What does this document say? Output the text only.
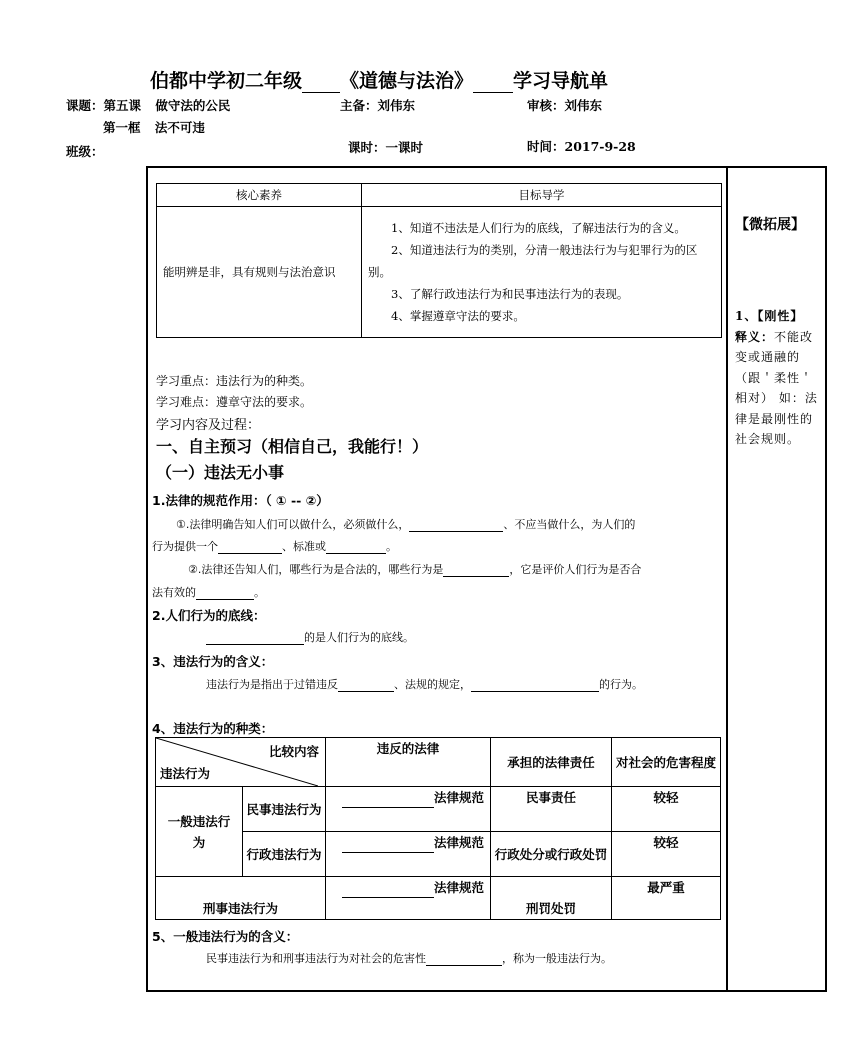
伯都中学初二年级 《道德与法治》 学习导航单
课题：第五课 做守法的公民	主备：刘伟东	审核：刘伟东
第一框 法不可违
班级：	课时：一课时	时间：2017-9-28
核心素养	目标导学
能明辨是非，具有规则与法治意识	1、知道不违法是人们行为的底线，了解违法行为的含义。

2、知道违法行为的类别，分清一般违法行为与犯罪行为的区别。

3、了解行政违法行为和民事违法行为的表现。

4、掌握遵章守法的要求。

【微拓展】
1、【刚性】
释义：不能改变或通融的（跟＇柔性＇相对） 如：法律是最刚性的社会规则。
学习重点：违法行为的种类。
学习难点：遵章守法的要求。
学习内容及过程：
一、自主预习（相信自己，我能行！）
（一）违法无小事
1.法律的规范作用：（ ① -- ②）
①.法律明确告知人们可以做什么，必须做什么，	、不应当做什么，为人们的
行为提供一个	、标准或	。
②.法律还告知人们，哪些行为是合法的，哪些行为是	，它是评价人们行为是否合
法有效的	。
2.人们行为的底线：
的是人们行为的底线。
3、违法行为的含义：
违法行为是指出于过错违反	、法规的规定，	的行为。
4、违法行为的种类：
比较内容
违法行为		违反的法律	承担的法律责任	对社会的危害程度
一般违法行为	民事违法行为	法律规范	民事责任	较轻
	行政违法行为	法律规范	行政处分或行政处罚	较轻
刑事违法行为		法律规范	刑罚处罚	最严重
5、一般违法行为的含义：
民事违法行为和刑事违法行为对社会的危害性	，称为一般违法行为。
